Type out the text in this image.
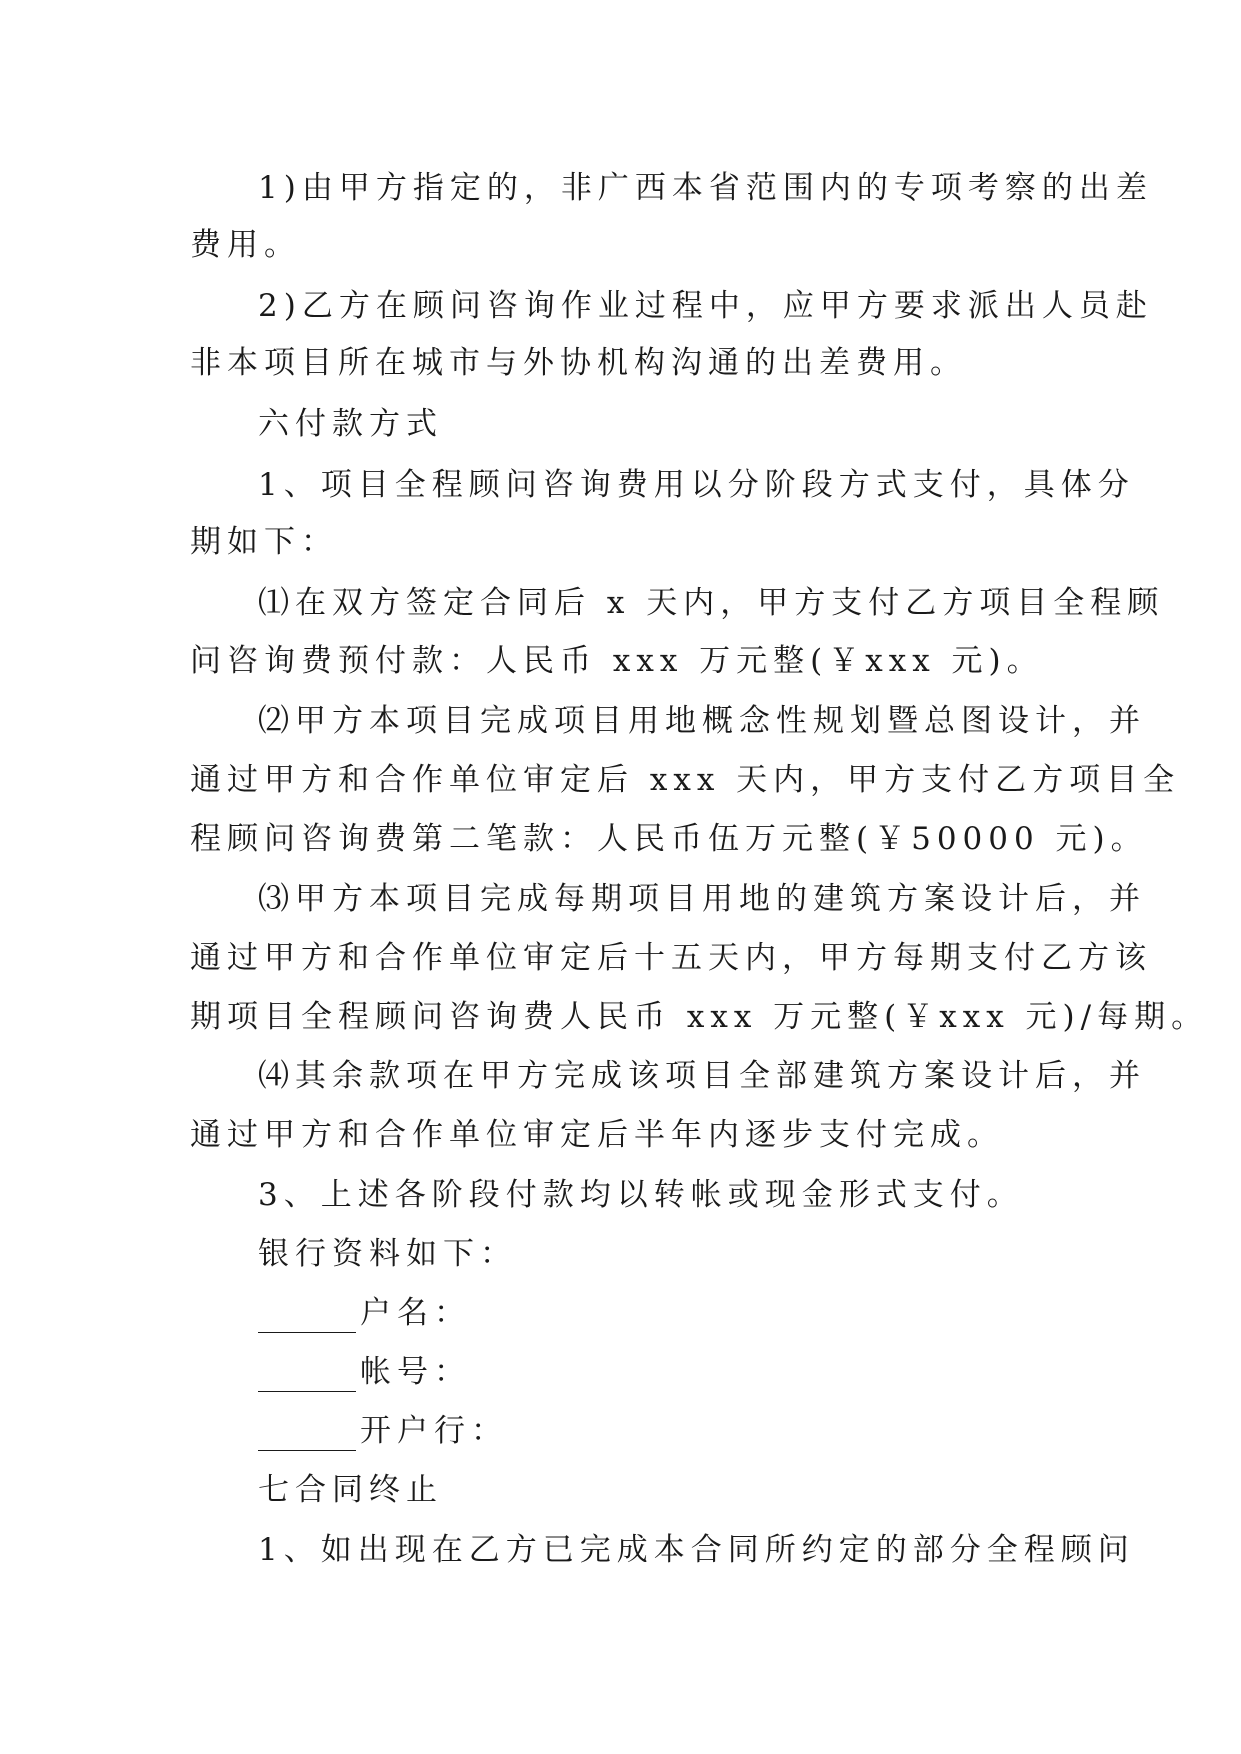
1)由甲方指定的，非广西本省范围内的专项考察的出差
费用。
2)乙方在顾问咨询作业过程中，应甲方要求派出人员赴
非本项目所在城市与外协机构沟通的出差费用。
六付款方式
1、项目全程顾问咨询费用以分阶段方式支付，具体分
期如下：
⑴在双方签定合同后 x 天内，甲方支付乙方项目全程顾
问咨询费预付款：人民币 xxx 万元整(￥xxx 元)。
⑵甲方本项目完成项目用地概念性规划暨总图设计，并
通过甲方和合作单位审定后 xxx 天内，甲方支付乙方项目全
程顾问咨询费第二笔款：人民币伍万元整(￥50000 元)。
⑶甲方本项目完成每期项目用地的建筑方案设计后，并
通过甲方和合作单位审定后十五天内，甲方每期支付乙方该
期项目全程顾问咨询费人民币 xxx 万元整(￥xxx 元)/每期。
⑷其余款项在甲方完成该项目全部建筑方案设计后，并
通过甲方和合作单位审定后半年内逐步支付完成。
3、上述各阶段付款均以转帐或现金形式支付。
银行资料如下：
户名：
帐号：
开户行：
七合同终止
1、如出现在乙方已完成本合同所约定的部分全程顾问
